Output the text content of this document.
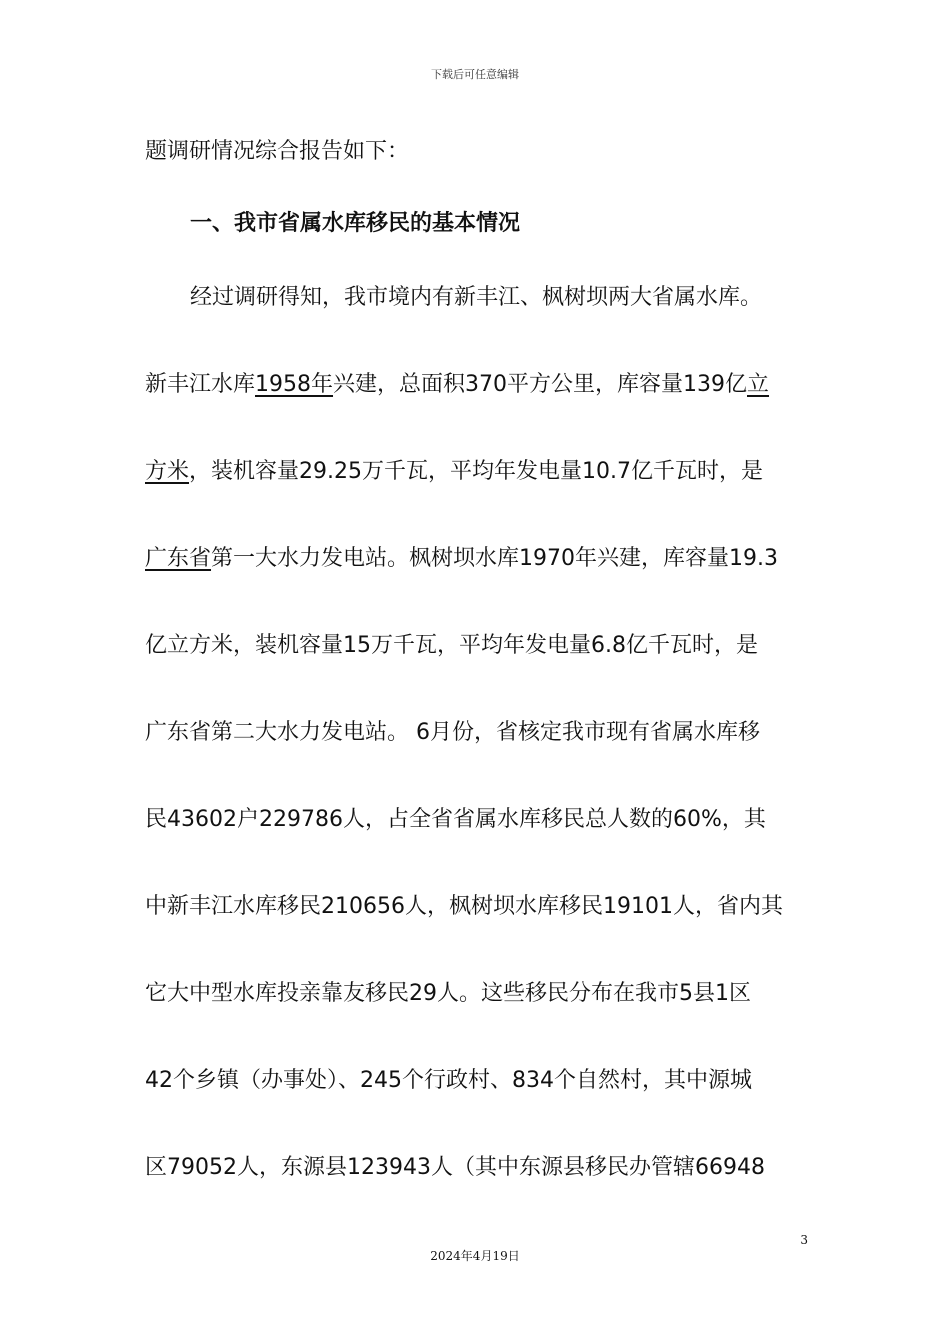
下载后可任意编辑
题调研情况综合报告如下：
一、我市省属水库移民的基本情况
经过调研得知，我市境内有新丰江、枫树坝两大省属水库。
新丰江水库1958年兴建，总面积370平方公里，库容量139亿立
方米，装机容量29.25万千瓦，平均年发电量10.7亿千瓦时，是
广东省第一大水力发电站。枫树坝水库1970年兴建，库容量19.3
亿立方米，装机容量15万千瓦，平均年发电量6.8亿千瓦时，是
广东省第二大水力发电站。 6月份，省核定我市现有省属水库移
民43602户229786人，占全省省属水库移民总人数的60%，其
中新丰江水库移民210656人，枫树坝水库移民19101人，省内其
它大中型水库投亲靠友移民29人。这些移民分布在我市5县1区
42个乡镇（办事处）、245个行政村、834个自然村，其中源城
区79052人，东源县123943人（其中东源县移民办管辖66948
3
2024年4月19日
